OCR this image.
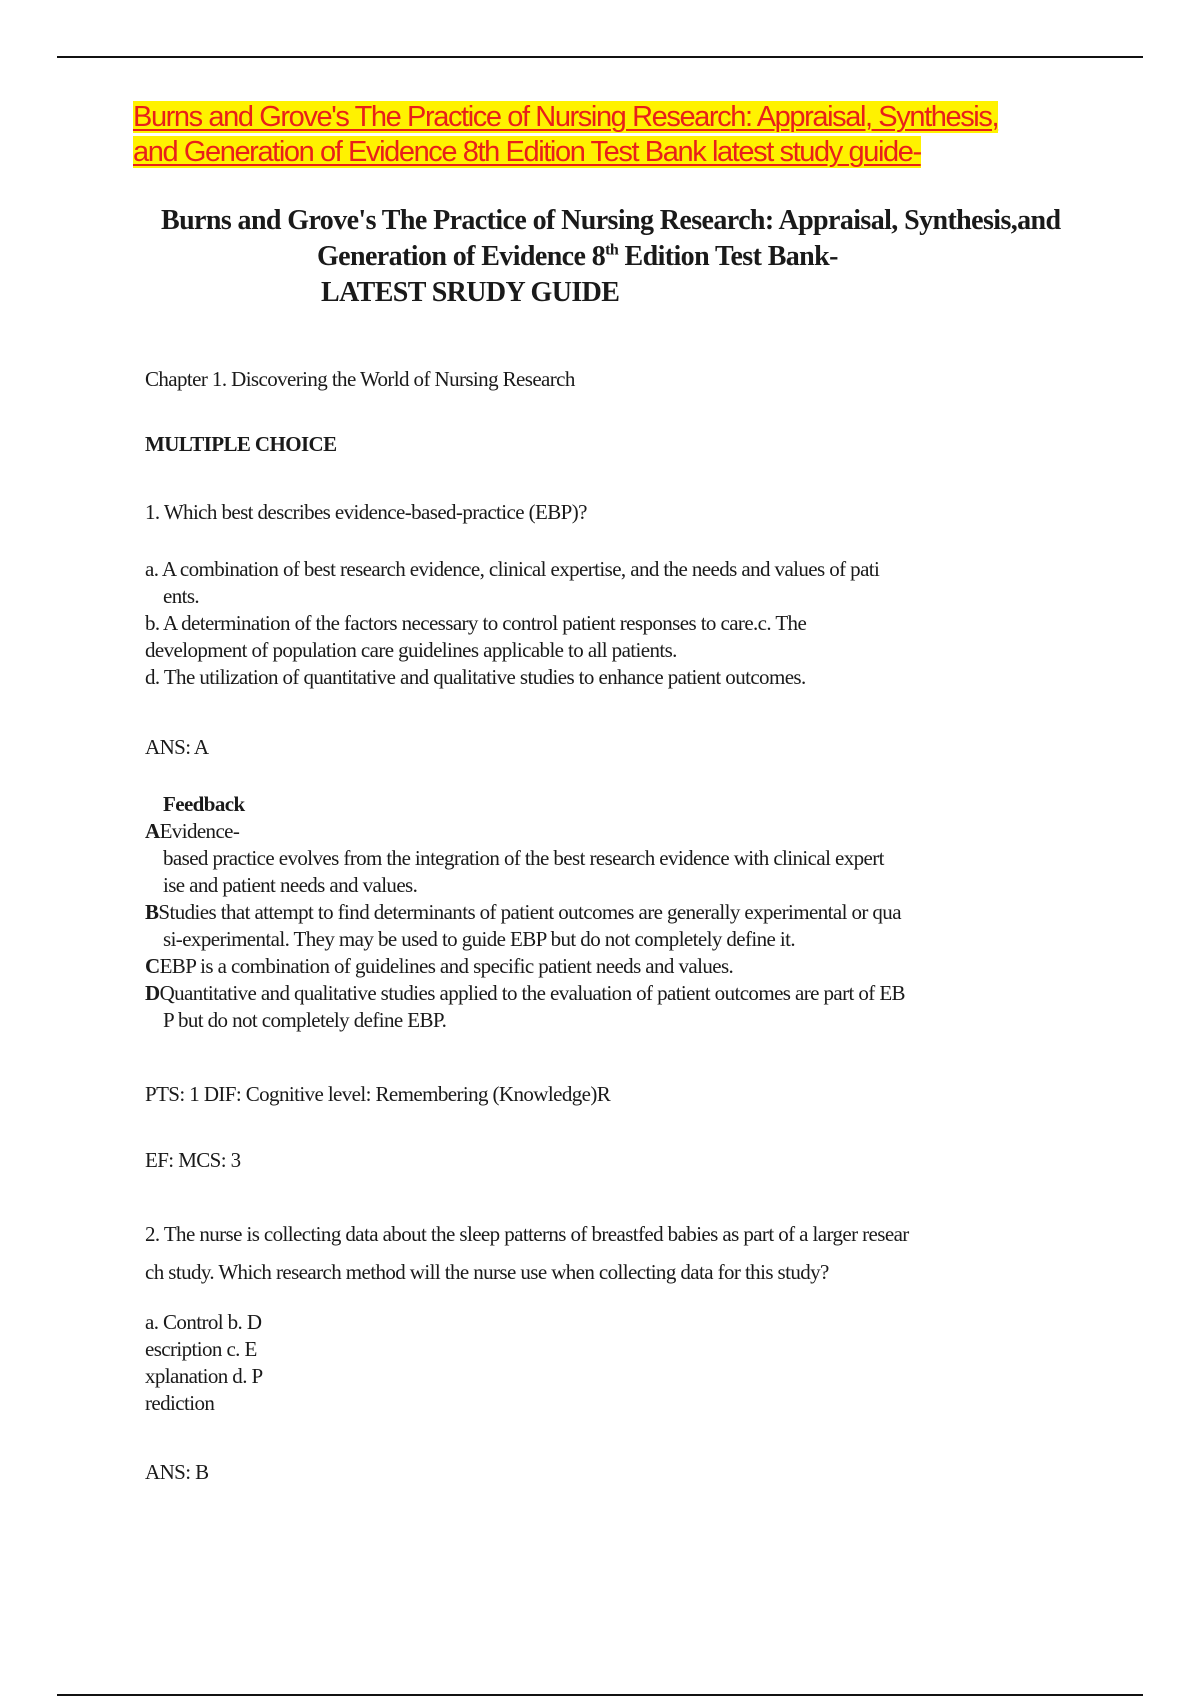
Burns and Grove's The Practice of Nursing Research: Appraisal, Synthesis,
and Generation of Evidence 8th Edition Test Bank latest study guide-
Burns and Grove's The Practice of Nursing Research: Appraisal, Synthesis,and
Generation of Evidence 8th Edition Test Bank-
LATEST SRUDY GUIDE
Chapter 1. Discovering the World of Nursing Research
MULTIPLE CHOICE
1. Which best describes evidence-based-practice (EBP)?
a. A combination of best research evidence, clinical expertise, and the needs and values of pati
ents.
b. A determination of the factors necessary to control patient responses to care.c. The
development of population care guidelines applicable to all patients.
d. The utilization of quantitative and qualitative studies to enhance patient outcomes.
ANS: A
Feedback
AEvidence-
based practice evolves from the integration of the best research evidence with clinical expert
ise and patient needs and values.
BStudies that attempt to find determinants of patient outcomes are generally experimental or qua
si-experimental. They may be used to guide EBP but do not completely define it.
CEBP is a combination of guidelines and specific patient needs and values.
DQuantitative and qualitative studies applied to the evaluation of patient outcomes are part of EB
P but do not completely define EBP.
PTS: 1 DIF: Cognitive level: Remembering (Knowledge)R
EF: MCS: 3
2. The nurse is collecting data about the sleep patterns of breastfed babies as part of a larger resear
ch study. Which research method will the nurse use when collecting data for this study?
a. Control b. D
escription c. E
xplanation d. P
rediction
ANS: B
